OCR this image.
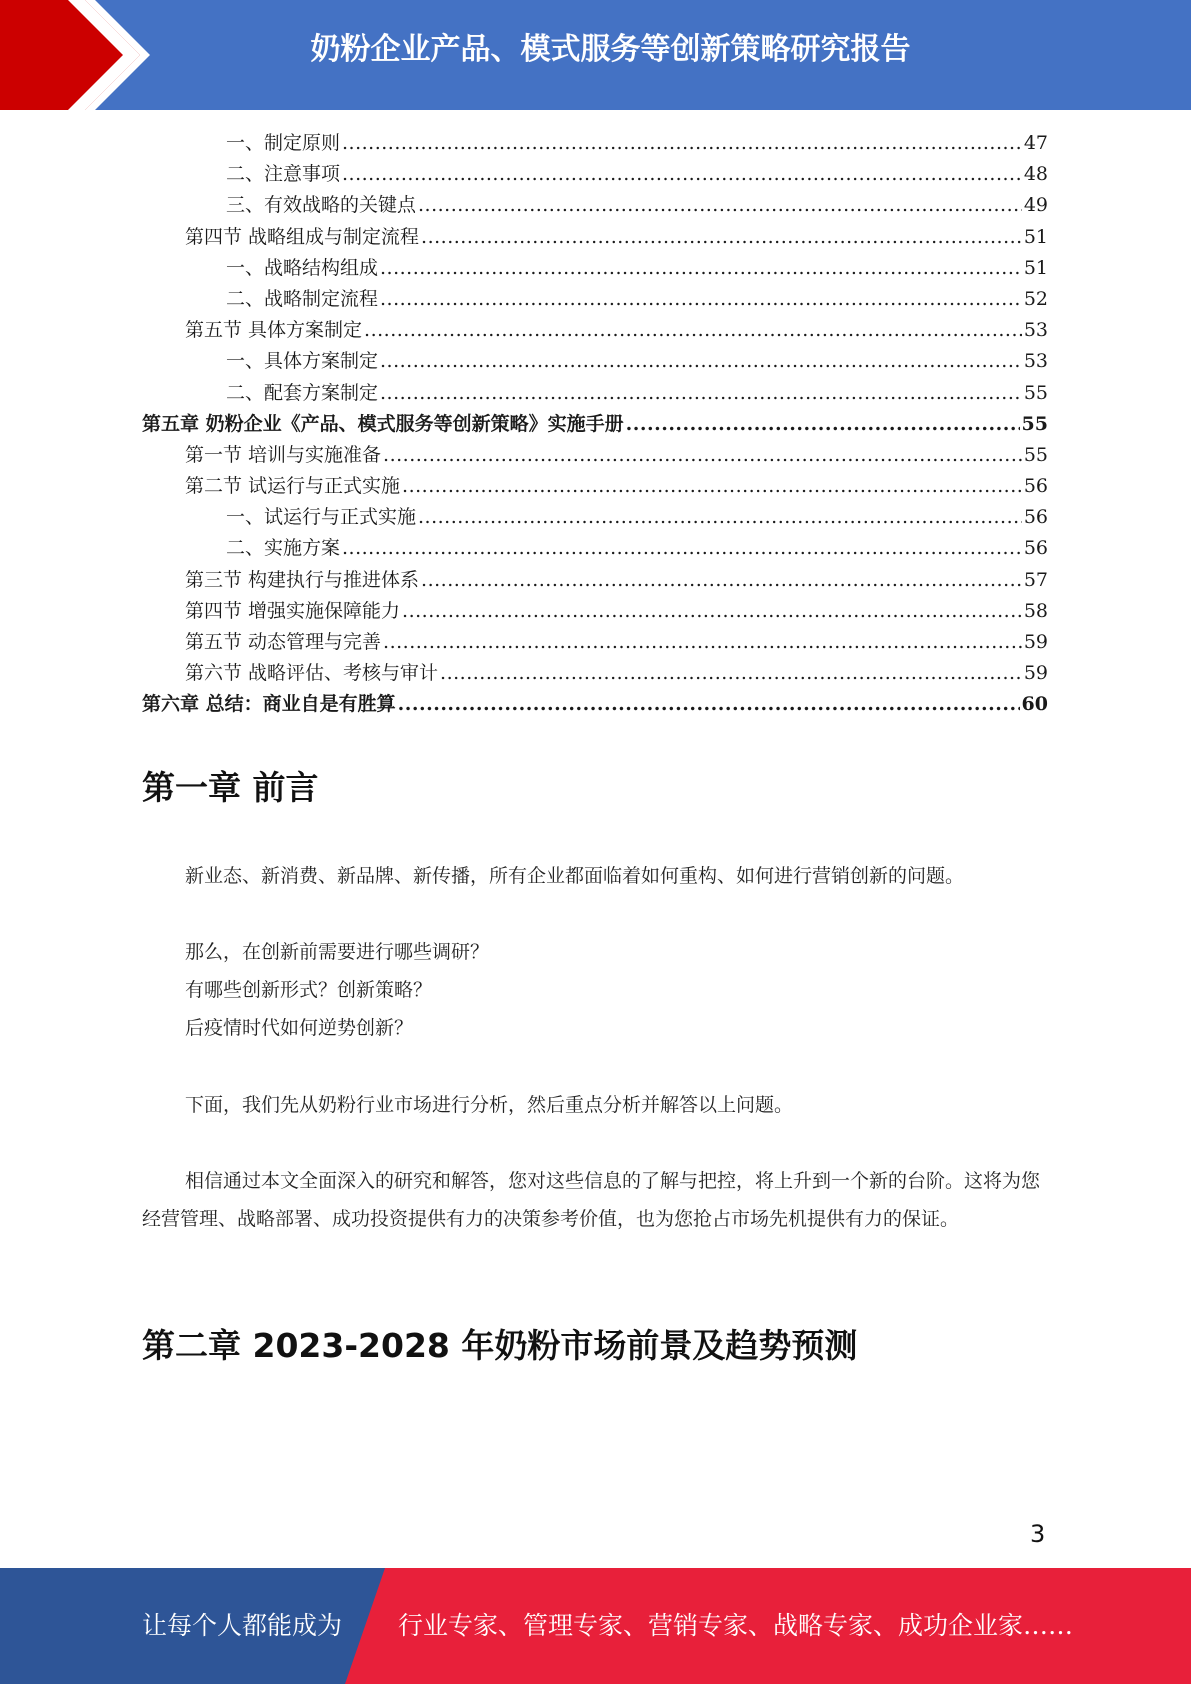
奶粉企业产品、模式服务等创新策略研究报告
一、制定原则 .....	47
二、注意事项 .....	48
三、有效战略的关键点 .....	49
第四节 战略组成与制定流程 .....	51
一、战略结构组成 .....	51
二、战略制定流程 .....	52
第五节 具体方案制定 .....	53
一、具体方案制定 .....	53
二、配套方案制定 .....	55
第五章 奶粉企业《产品、模式服务等创新策略》实施手册 .....	55
第一节 培训与实施准备 .....	55
第二节 试运行与正式实施 .....	56
一、试运行与正式实施 .....	56
二、实施方案 .....	56
第三节 构建执行与推进体系 .....	57
第四节 增强实施保障能力 .....	58
第五节 动态管理与完善 .....	59
第六节 战略评估、考核与审计 .....	59
第六章 总结：商业自是有胜算 .....	60
第一章 前言
新业态、新消费、新品牌、新传播，所有企业都面临着如何重构、如何进行营销创新的问题。
那么，在创新前需要进行哪些调研？
有哪些创新形式？创新策略？
后疫情时代如何逆势创新？
下面，我们先从奶粉行业市场进行分析，然后重点分析并解答以上问题。
相信通过本文全面深入的研究和解答，您对这些信息的了解与把控，将上升到一个新的台阶。这将为您经营管理、战略部署、成功投资提供有力的决策参考价值，也为您抢占市场先机提供有力的保证。
第二章 2023-2028 年奶粉市场前景及趋势预测
3
让每个人都能成为 行业专家、管理专家、营销专家、战略专家、成功企业家……
